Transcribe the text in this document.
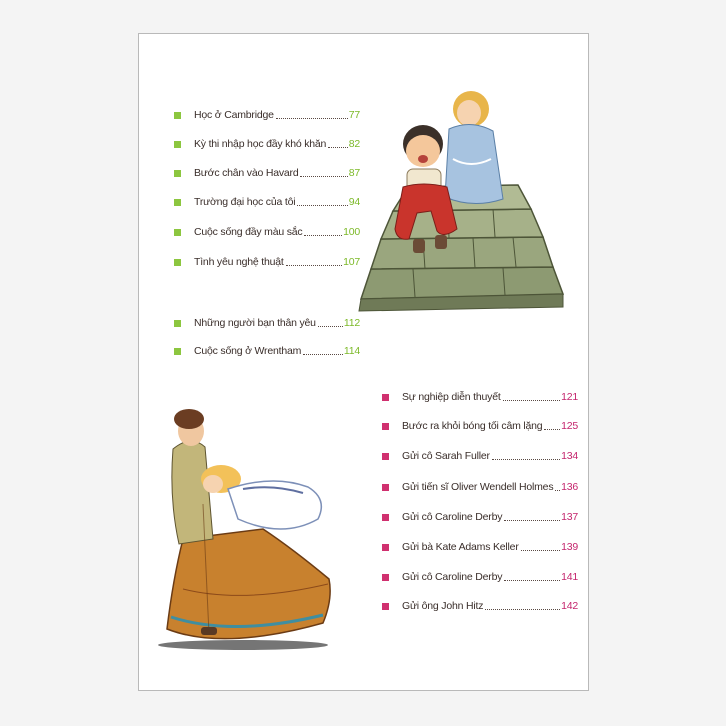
Học ở Cambridge	77
Kỳ thi nhập học đầy khó khăn 82
Bước chân vào Havard	87
Trường đại học của tôi	94
Cuộc sống đầy màu sắc	100
Tình yêu nghệ thuật	107
Những người bạn thân yêu	112
Cuộc sống ở Wrentham	114
Sự nghiệp diễn thuyết	121
Bước ra khỏi bóng tối câm lặng 125
Gửi cô Sarah Fuller	134
Gửi tiến sĩ Oliver Wendell Holmes 136
Gửi cô Caroline Derby	137
Gửi bà Kate Adams Keller	139
Gửi cô Caroline Derby	141
Gửi ông John Hitz	142
